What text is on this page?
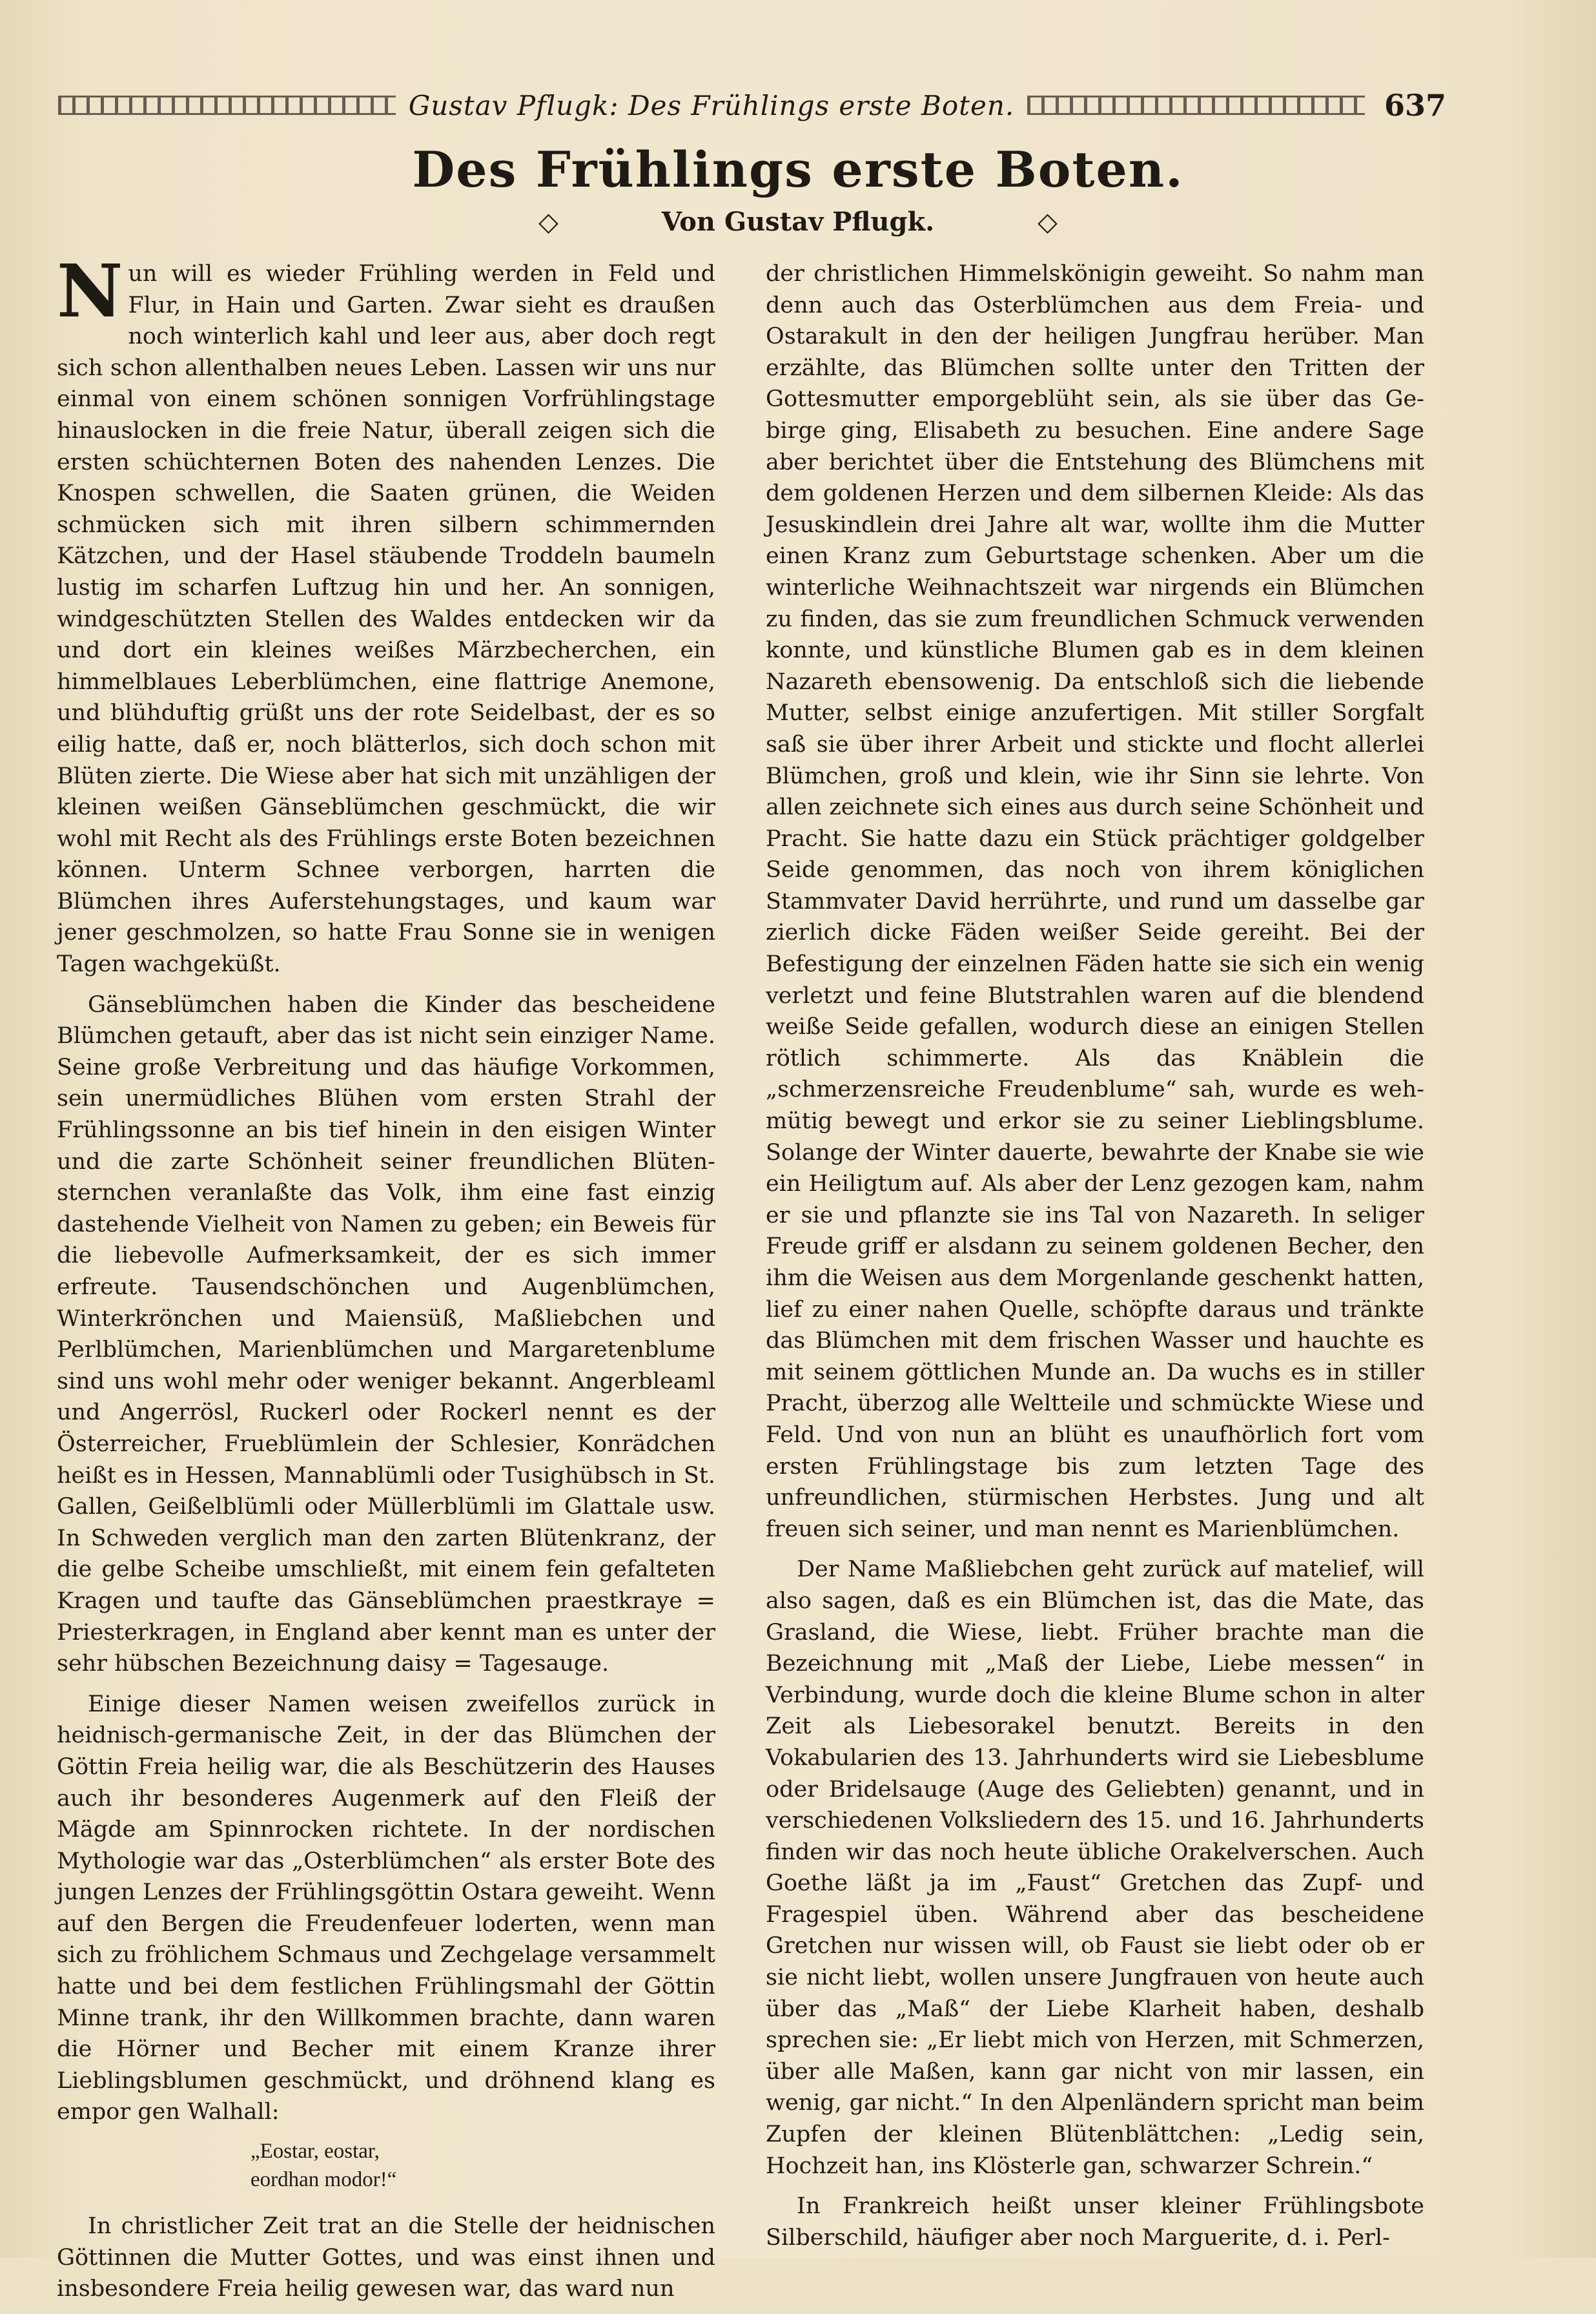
Gustav Pflugk: Des Frühlings erste Boten.	637
Des Frühlings erste Boten.
◇	Von Gustav Pflugk.	◇

Nun will es wieder Frühling werden in Feld und Flur, in Hain und Garten. Zwar sieht es draußen noch winterlich kahl und leer aus, aber doch regt sich schon allenthalben neues Leben. Lassen wir uns nur einmal von einem schönen sonnigen Vorfrühlingstage hinauslocken in die freie Natur, überall zeigen sich die ersten schüchternen Boten des nahenden Lenzes. Die Knospen schwellen, die Saaten grünen, die Weiden schmücken sich mit ihren silbern schimmernden Kätzchen, und der Hasel stäubende Troddeln baumeln lustig im scharfen Luftzug hin und her. An sonnigen, windgeschützten Stellen des Waldes entdecken wir da und dort ein kleines weißes Märzbecherchen, ein himmelblaues Leberblümchen, eine flattrige Anemone, und blühduftig grüßt uns der rote Seidelbast, der es so eilig hatte, daß er, noch blätterlos, sich doch schon mit Blüten zierte. Die Wiese aber hat sich mit unzähligen der kleinen weißen Gänseblümchen geschmückt, die wir wohl mit Recht als des Frühlings erste Boten bezeichnen können. Unterm Schnee verborgen, harrten die Blümchen ihres Auferstehungstages, und kaum war jener geschmolzen, so hatte Frau Sonne sie in wenigen Tagen wachgeküßt.

Gänseblümchen haben die Kinder das bescheidene Blümchen getauft, aber das ist nicht sein einziger Name. Seine große Verbreitung und das häufige Vorkommen, sein unermüdliches Blühen vom ersten Strahl der Frühlingssonne an bis tief hinein in den eisigen Winter und die zarte Schönheit seiner freundlichen Blütensternchen veranlaßte das Volk, ihm eine fast einzig dastehende Vielheit von Namen zu geben; ein Beweis für die liebevolle Aufmerksamkeit, der es sich immer erfreute. Tausendschönchen und Augenblümchen, Winterkrönchen und Maiensüß, Maßliebchen und Perlblümchen, Marienblümchen und Margaretenblume sind uns wohl mehr oder weniger bekannt. Angerbleaml und Angerrösl, Ruckerl oder Rockerl nennt es der Österreicher, Frueblümlein der Schlesier, Konrädchen heißt es in Hessen, Mannablümli oder Tusighübsch in St. Gallen, Geißelblümli oder Müllerblümli im Glattale usw. In Schweden verglich man den zarten Blütenkranz, der die gelbe Scheibe umschließt, mit einem fein gefalteten Kragen und taufte das Gänseblümchen praestkraye = Priesterkragen, in England aber kennt man es unter der sehr hübschen Bezeichnung daisy = Tagesauge.

Einige dieser Namen weisen zweifellos zurück in heidnisch-germanische Zeit, in der das Blümchen der Göttin Freia heilig war, die als Beschützerin des Hauses auch ihr besonderes Augenmerk auf den Fleiß der Mägde am Spinnrocken richtete. In der nordischen Mythologie war das „Osterblümchen“ als erster Bote des jungen Lenzes der Frühlingsgöttin Ostara geweiht. Wenn auf den Bergen die Freudenfeuer loderten, wenn man sich zu fröhlichem Schmaus und Zechgelage versammelt hatte und bei dem festlichen Frühlingsmahl der Göttin Minne trank, ihr den Willkommen brachte, dann waren die Hörner und Becher mit einem Kranze ihrer Lieblingsblumen geschmückt, und dröhnend klang es empor gen Walhall:

„Eostar, eostar,
eordhan modor!“

In christlicher Zeit trat an die Stelle der heidnischen Göttinnen die Mutter Gottes, und was einst ihnen und insbesondere Freia heilig gewesen war, das ward nun

der christlichen Himmelskönigin geweiht. So nahm man denn auch das Osterblümchen aus dem Freia- und Ostarakult in den der heiligen Jungfrau herüber. Man erzählte, das Blümchen sollte unter den Tritten der Gottesmutter emporgeblüht sein, als sie über das Gebirge ging, Elisabeth zu besuchen. Eine andere Sage aber berichtet über die Entstehung des Blümchens mit dem goldenen Herzen und dem silbernen Kleide: Als das Jesuskindlein drei Jahre alt war, wollte ihm die Mutter einen Kranz zum Geburtstage schenken. Aber um die winterliche Weihnachtszeit war nirgends ein Blümchen zu finden, das sie zum freundlichen Schmuck verwenden konnte, und künstliche Blumen gab es in dem kleinen Nazareth ebensowenig. Da entschloß sich die liebende Mutter, selbst einige anzufertigen. Mit stiller Sorgfalt saß sie über ihrer Arbeit und stickte und flocht allerlei Blümchen, groß und klein, wie ihr Sinn sie lehrte. Von allen zeichnete sich eines aus durch seine Schönheit und Pracht. Sie hatte dazu ein Stück prächtiger goldgelber Seide genommen, das noch von ihrem königlichen Stammvater David herrührte, und rund um dasselbe gar zierlich dicke Fäden weißer Seide gereiht. Bei der Befestigung der einzelnen Fäden hatte sie sich ein wenig verletzt und feine Blutstrahlen waren auf die blendend weiße Seide gefallen, wodurch diese an einigen Stellen rötlich schimmerte. Als das Knäblein die „schmerzensreiche Freudenblume“ sah, wurde es wehmütig bewegt und erkor sie zu seiner Lieblingsblume. Solange der Winter dauerte, bewahrte der Knabe sie wie ein Heiligtum auf. Als aber der Lenz gezogen kam, nahm er sie und pflanzte sie ins Tal von Nazareth. In seliger Freude griff er alsdann zu seinem goldenen Becher, den ihm die Weisen aus dem Morgenlande geschenkt hatten, lief zu einer nahen Quelle, schöpfte daraus und tränkte das Blümchen mit dem frischen Wasser und hauchte es mit seinem göttlichen Munde an. Da wuchs es in stiller Pracht, überzog alle Weltteile und schmückte Wiese und Feld. Und von nun an blüht es unaufhörlich fort vom ersten Frühlingstage bis zum letzten Tage des unfreundlichen, stürmischen Herbstes. Jung und alt freuen sich seiner, und man nennt es Marienblümchen.

Der Name Maßliebchen geht zurück auf matelief, will also sagen, daß es ein Blümchen ist, das die Mate, das Grasland, die Wiese, liebt. Früher brachte man die Bezeichnung mit „Maß der Liebe, Liebe messen“ in Verbindung, wurde doch die kleine Blume schon in alter Zeit als Liebesorakel benutzt. Bereits in den Vokabularien des 13. Jahrhunderts wird sie Liebesblume oder Bridelsauge (Auge des Geliebten) genannt, und in verschiedenen Volksliedern des 15. und 16. Jahrhunderts finden wir das noch heute übliche Orakelverschen. Auch Goethe läßt ja im „Faust“ Gretchen das Zupf- und Fragespiel üben. Während aber das bescheidene Gretchen nur wissen will, ob Faust sie liebt oder ob er sie nicht liebt, wollen unsere Jungfrauen von heute auch über das „Maß“ der Liebe Klarheit haben, deshalb sprechen sie: „Er liebt mich von Herzen, mit Schmerzen, über alle Maßen, kann gar nicht von mir lassen, ein wenig, gar nicht.“ In den Alpenländern spricht man beim Zupfen der kleinen Blütenblättchen: „Ledig sein, Hochzeit han, ins Klösterle gan, schwarzer Schrein.“

In Frankreich heißt unser kleiner Frühlingsbote Silberschild, häufiger aber noch Marguerite, d. i. Perl-
